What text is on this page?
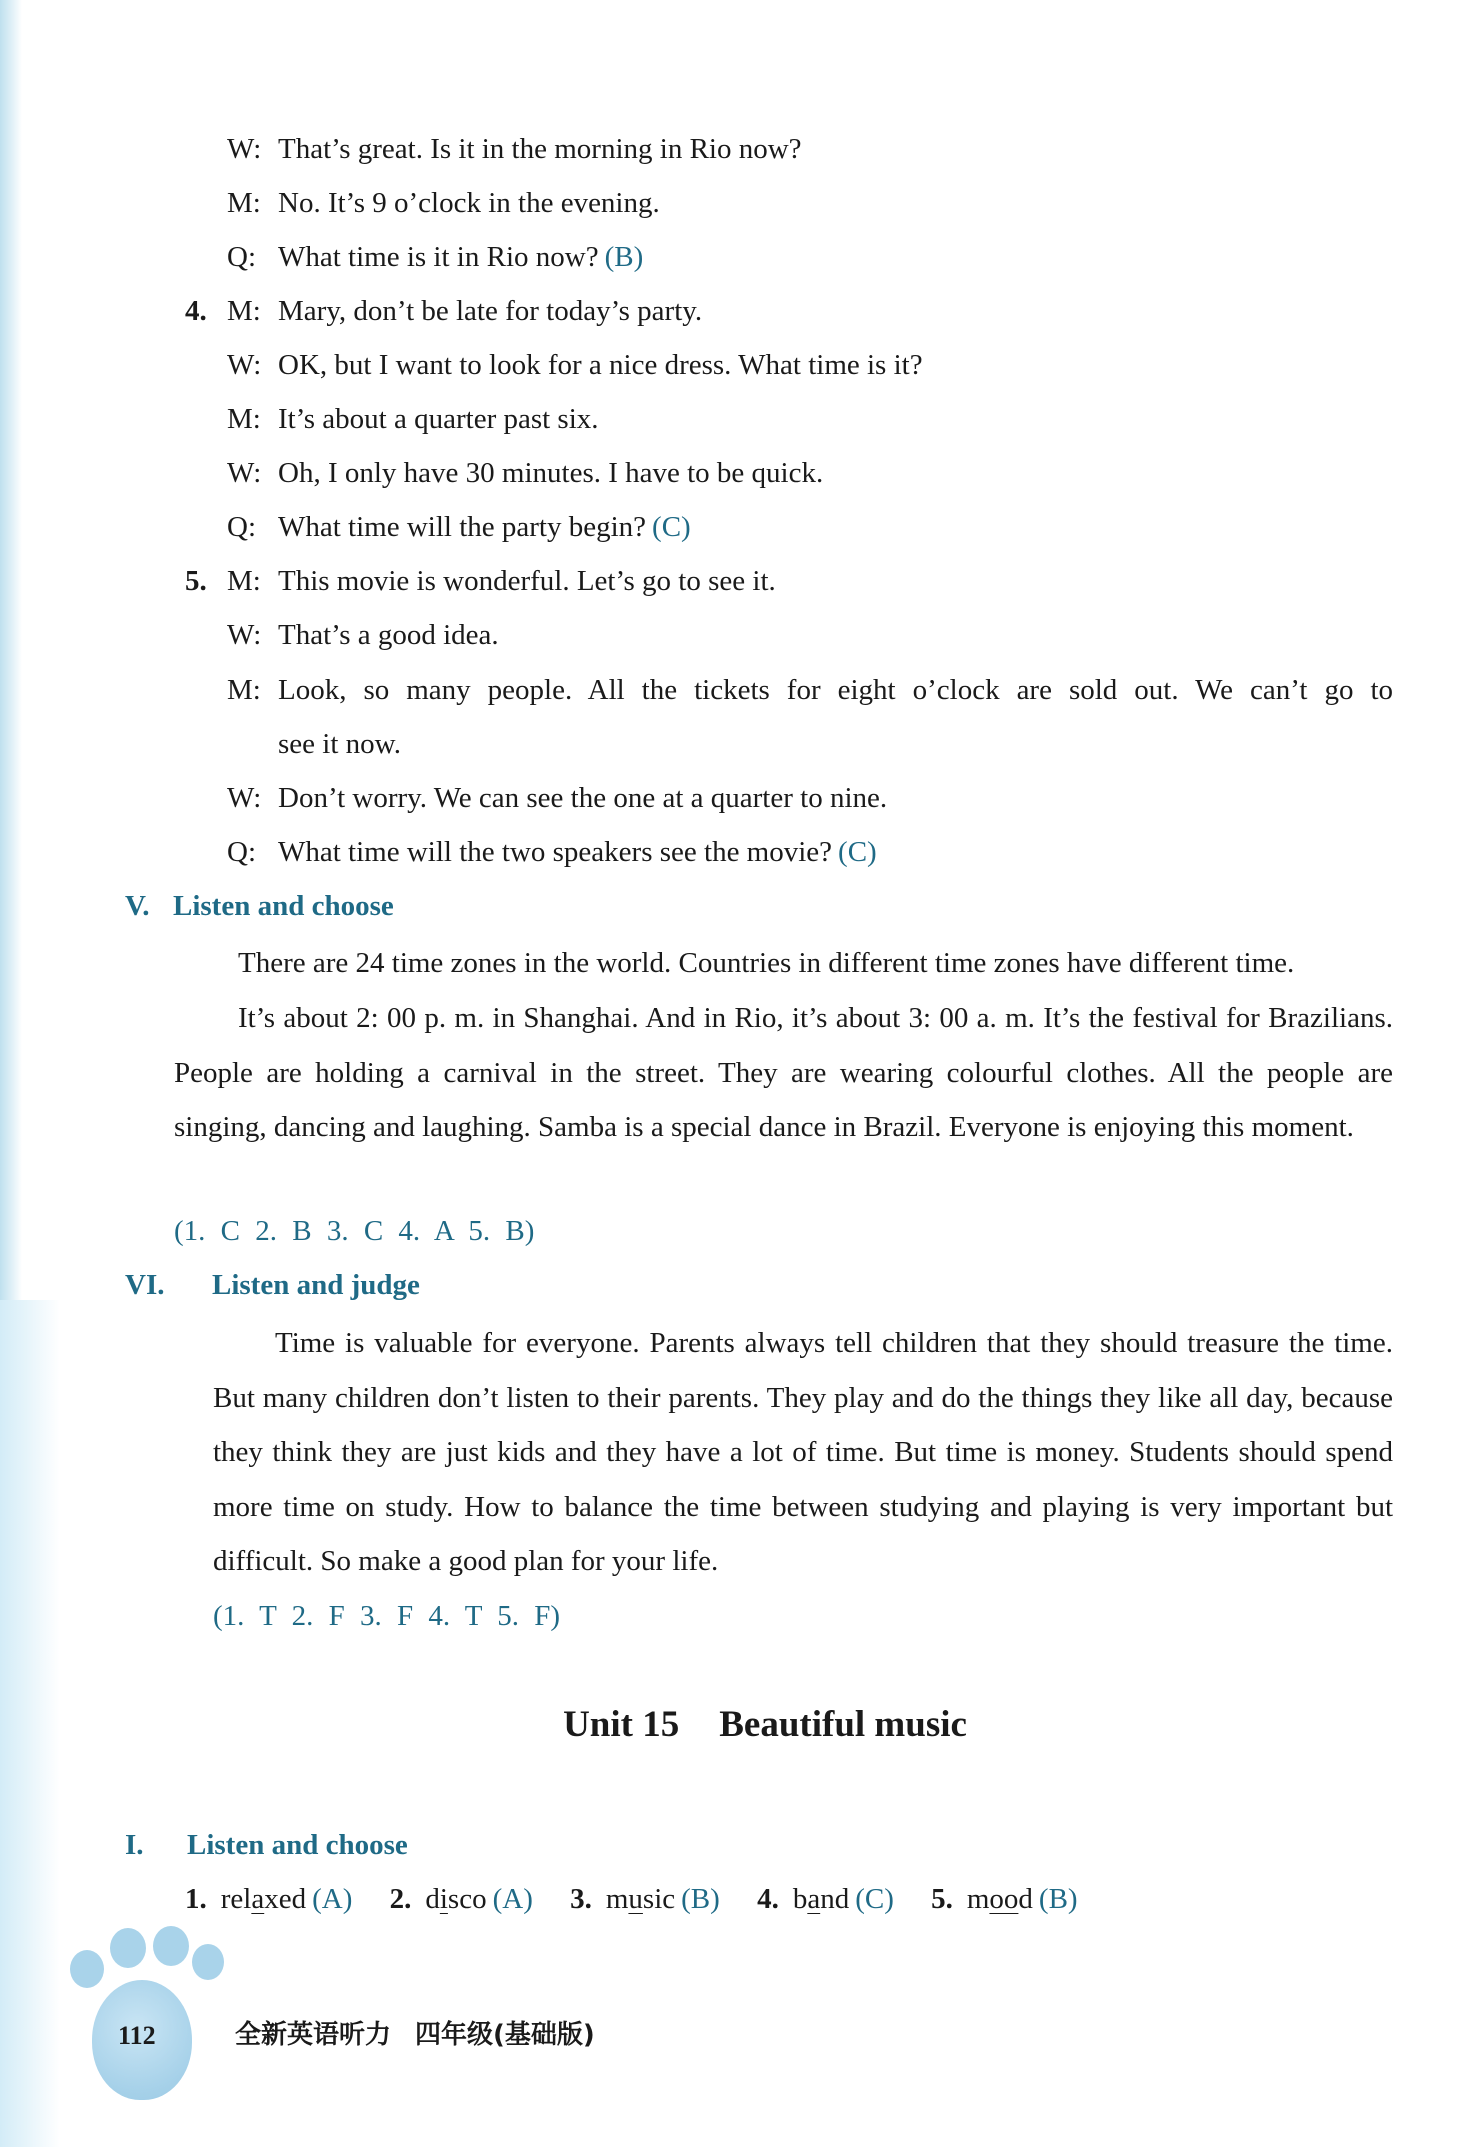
W: That’s great. Is it in the morning in Rio now?
M: No. It’s 9 o’clock in the evening.
Q: What time is it in Rio now? (B)
4. M: Mary, don’t be late for today’s party.
W: OK, but I want to look for a nice dress. What time is it?
M: It’s about a quarter past six.
W: Oh, I only have 30 minutes. I have to be quick.
Q: What time will the party begin? (C)
5. M: This movie is wonderful. Let’s go to see it.
W: That’s a good idea.
M: Look, so many people. All the tickets for eight o’clock are sold out. We can’t go to
see it now.
W: Don’t worry. We can see the one at a quarter to nine.
Q: What time will the two speakers see the movie? (C)
V. Listen and choose
There are 24 time zones in the world. Countries in different time zones have different time.
It’s about 2: 00 p. m. in Shanghai. And in Rio, it’s about 3: 00 a. m. It’s the festival for Brazilians. People are holding a carnival in the street. They are wearing colourful clothes. All the people are singing, dancing and laughing. Samba is a special dance in Brazil. Everyone is enjoying this moment.
(1. C 2. B 3. C 4. A 5. B)
VI. Listen and judge
Time is valuable for everyone. Parents always tell children that they should treasure the time. But many children don’t listen to their parents. They play and do the things they like all day, because they think they are just kids and they have a lot of time. But time is money. Students should spend more time on study. How to balance the time between studying and playing is very important but difficult. So make a good plan for your life.
(1. T 2. F 3. F 4. T 5. F)
Unit 15 Beautiful music
I. Listen and choose
1. relaxed (A) 2. disco (A) 3. music (B) 4. band (C) 5. mood (B)
112	全新英语听力 四年级(基础版)
